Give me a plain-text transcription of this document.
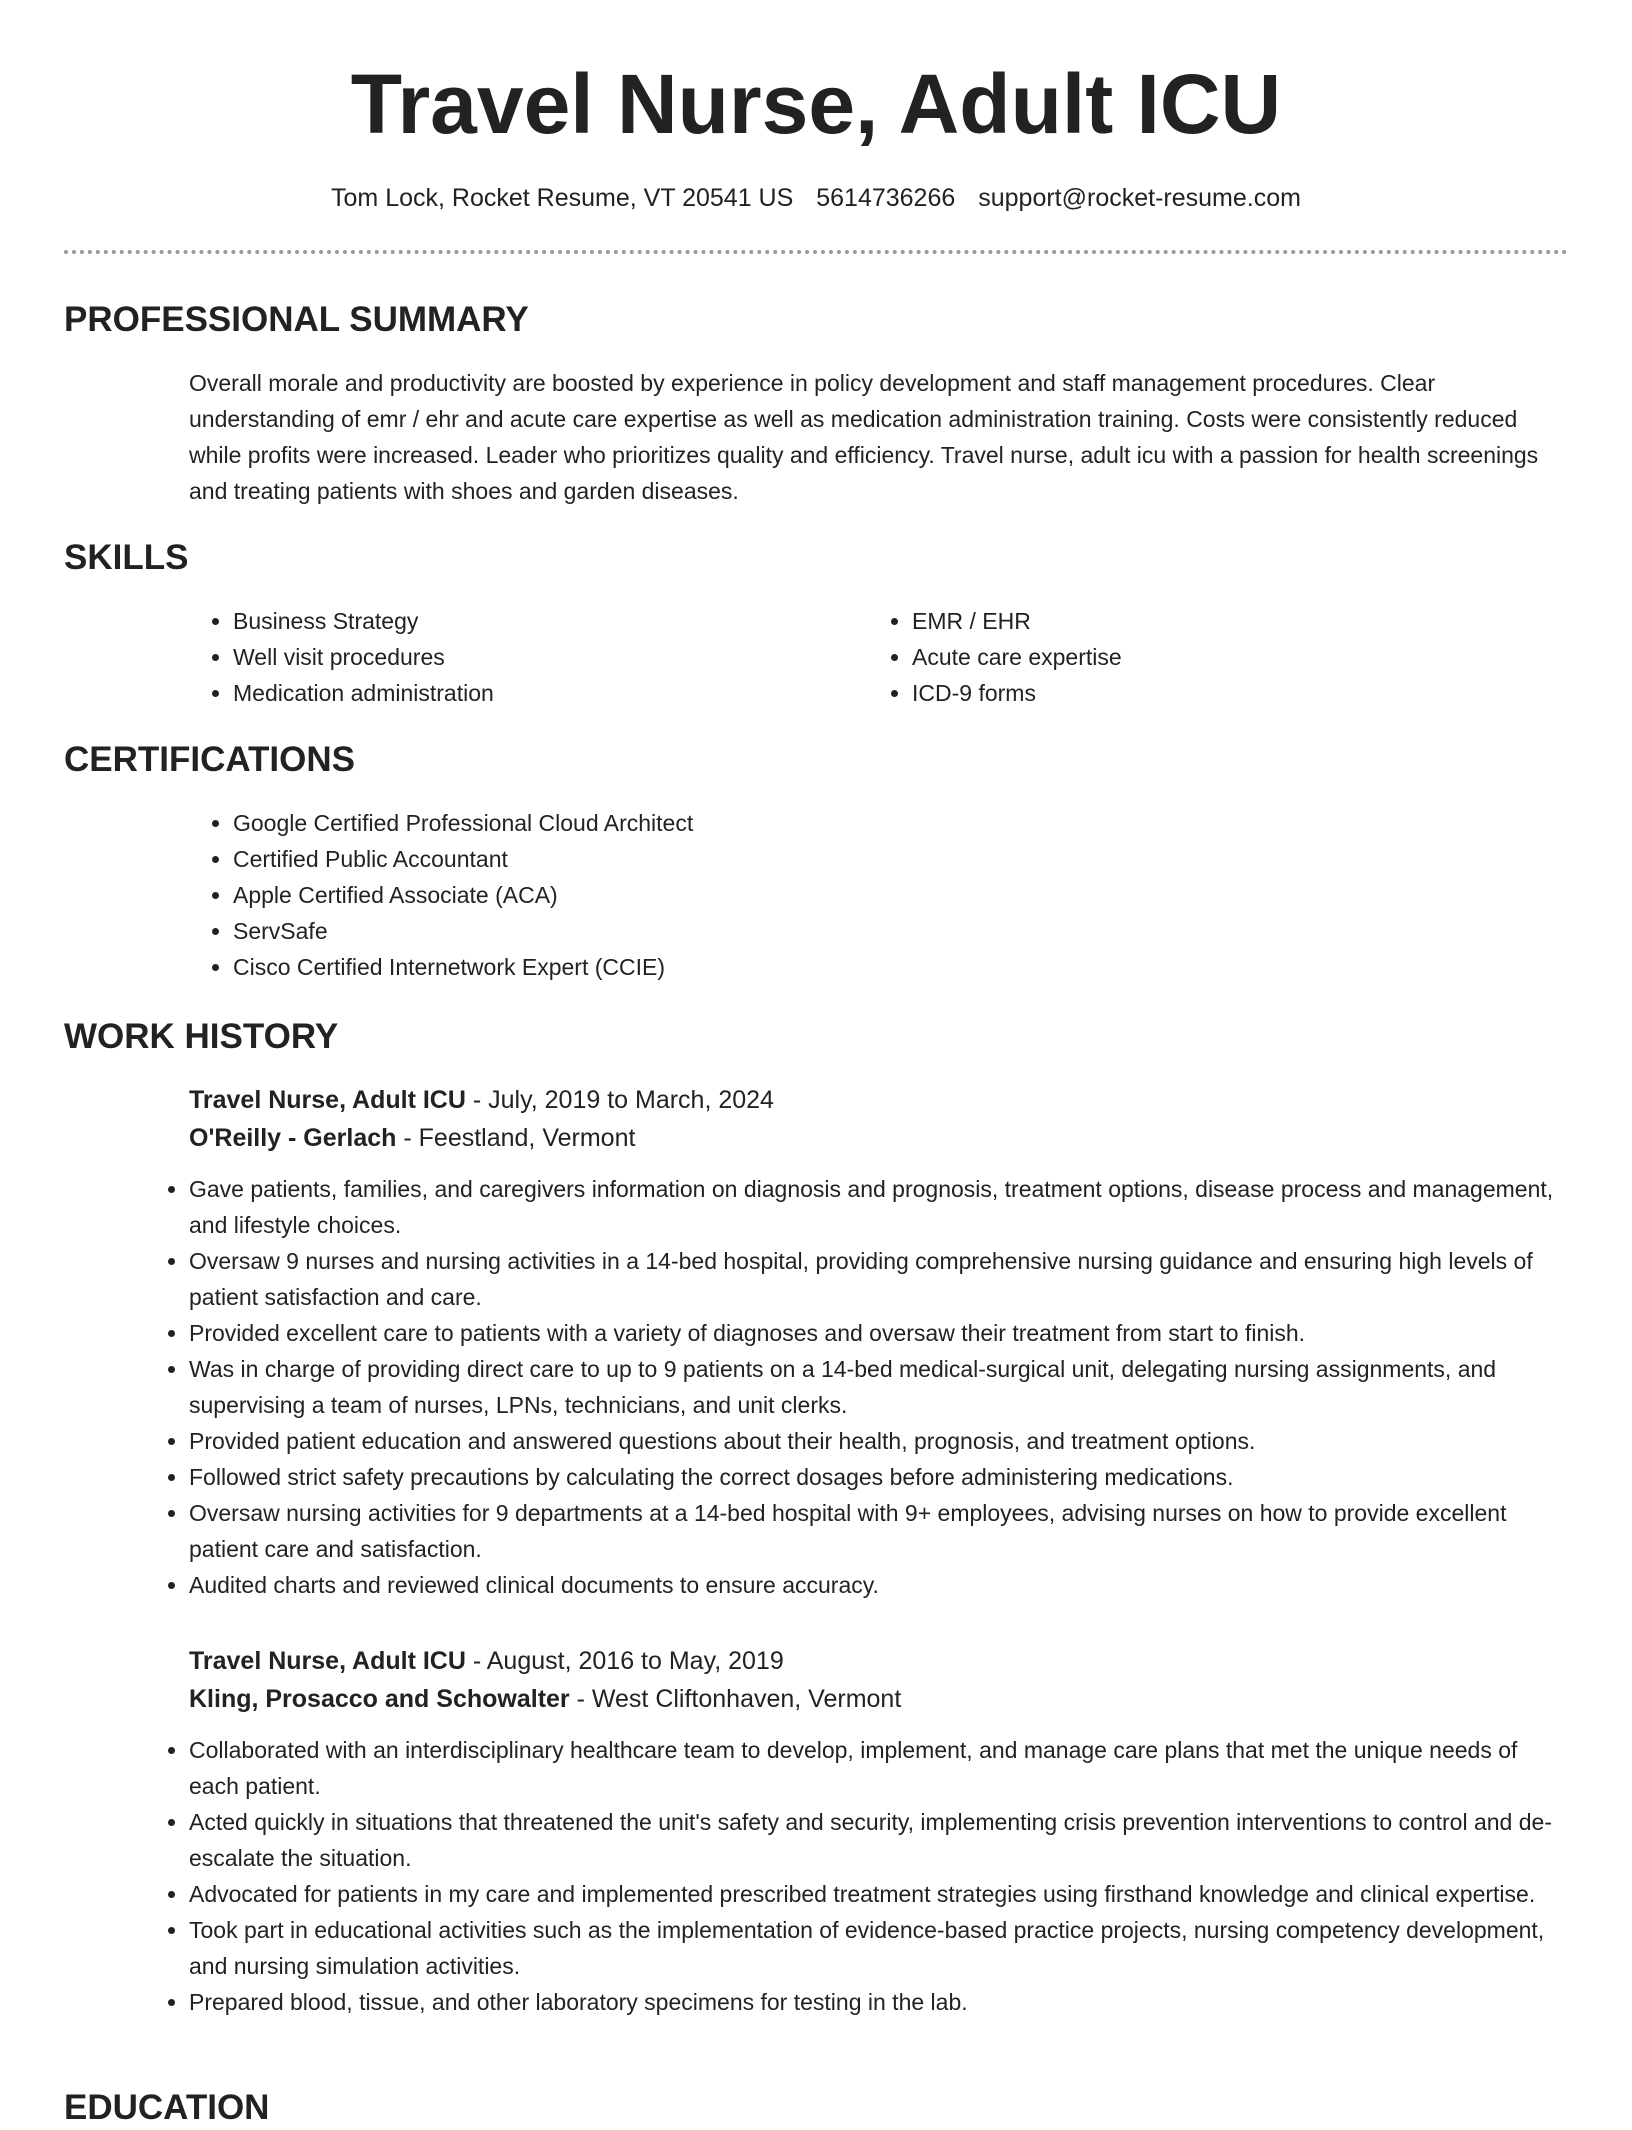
Travel Nurse, Adult ICU
Tom Lock, Rocket Resume, VT 20541 US 5614736266 support@rocket-resume.com
PROFESSIONAL SUMMARY

Overall morale and productivity are boosted by experience in policy development and staff management procedures. Clear understanding of emr / ehr and acute care expertise as well as medication administration training. Costs were consistently reduced while profits were increased. Leader who prioritizes quality and efficiency. Travel nurse, adult icu with a passion for health screenings and treating patients with shoes and garden diseases.

SKILLS
• Business Strategy
• Well visit procedures
• Medication administration
• EMR / EHR
• Acute care expertise
• ICD-9 forms
CERTIFICATIONS
• Google Certified Professional Cloud Architect
• Certified Public Accountant
• Apple Certified Associate (ACA)
• ServSafe
• Cisco Certified Internetwork Expert (CCIE)
WORK HISTORY

Travel Nurse, Adult ICU - July, 2019 to March, 2024

O'Reilly - Gerlach - Feestland, Vermont

• Gave patients, families, and caregivers information on diagnosis and prognosis, treatment options, disease process and management, and lifestyle choices.
• Oversaw 9 nurses and nursing activities in a 14-bed hospital, providing comprehensive nursing guidance and ensuring high levels of patient satisfaction and care.
• Provided excellent care to patients with a variety of diagnoses and oversaw their treatment from start to finish.
• Was in charge of providing direct care to up to 9 patients on a 14-bed medical-surgical unit, delegating nursing assignments, and supervising a team of nurses, LPNs, technicians, and unit clerks.
• Provided patient education and answered questions about their health, prognosis, and treatment options.
• Followed strict safety precautions by calculating the correct dosages before administering medications.
• Oversaw nursing activities for 9 departments at a 14-bed hospital with 9+ employees, advising nurses on how to provide excellent patient care and satisfaction.
• Audited charts and reviewed clinical documents to ensure accuracy.

Travel Nurse, Adult ICU - August, 2016 to May, 2019

Kling, Prosacco and Schowalter - West Cliftonhaven, Vermont

• Collaborated with an interdisciplinary healthcare team to develop, implement, and manage care plans that met the unique needs of each patient.
• Acted quickly in situations that threatened the unit's safety and security, implementing crisis prevention interventions to control and de-escalate the situation.
• Advocated for patients in my care and implemented prescribed treatment strategies using firsthand knowledge and clinical expertise.
• Took part in educational activities such as the implementation of evidence-based practice projects, nursing competency development, and nursing simulation activities.
• Prepared blood, tissue, and other laboratory specimens for testing in the lab.
EDUCATION
